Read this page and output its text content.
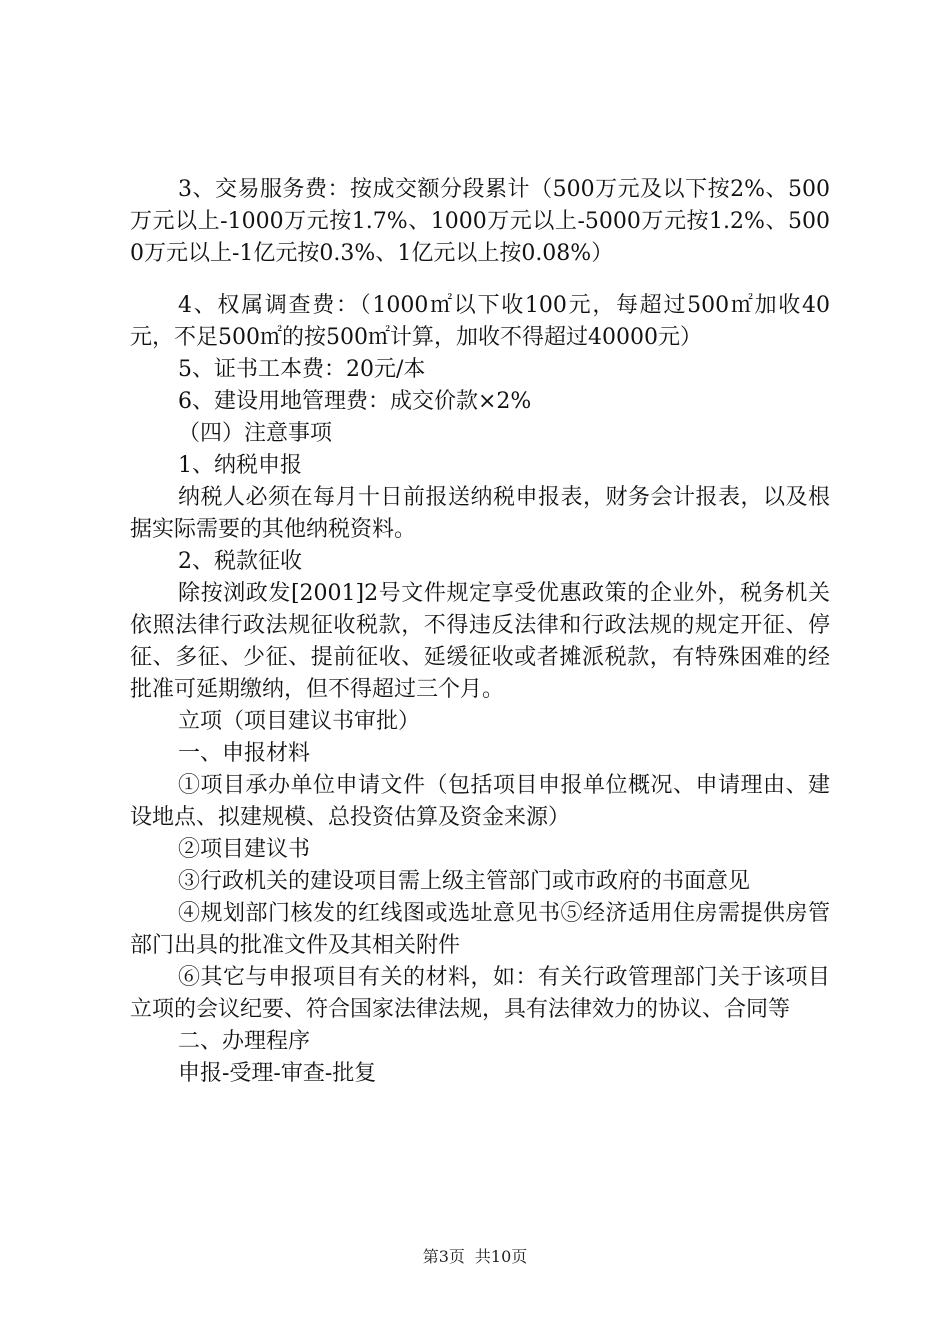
3、交易服务费：按成交额分段累计（500万元及以下按2%、500万元以上-1000万元按1.7%、1000万元以上-5000万元按1.2%、5000万元以上-1亿元按0.3%、1亿元以上按0.08%）

4、权属调查费：（1000㎡以下收100元，每超过500㎡加收40元，不足500㎡的按500㎡计算，加收不得超过40000元）

5、证书工本费：20元/本

6、建设用地管理费：成交价款×2%

（四）注意事项

1、纳税申报

纳税人必须在每月十日前报送纳税申报表，财务会计报表，以及根据实际需要的其他纳税资料。

2、税款征收

除按浏政发[2001]2号文件规定享受优惠政策的企业外，税务机关依照法律行政法规征收税款，不得违反法律和行政法规的规定开征、停征、多征、少征、提前征收、延缓征收或者摊派税款，有特殊困难的经批准可延期缴纳，但不得超过三个月。

立项（项目建议书审批）

一、申报材料

①项目承办单位申请文件（包括项目申报单位概况、申请理由、建设地点、拟建规模、总投资估算及资金来源）

②项目建议书

③行政机关的建设项目需上级主管部门或市政府的书面意见

④规划部门核发的红线图或选址意见书⑤经济适用住房需提供房管部门出具的批准文件及其相关附件

⑥其它与申报项目有关的材料，如：有关行政管理部门关于该项目立项的会议纪要、符合国家法律法规，具有法律效力的协议、合同等

二、办理程序

申报-受理-审查-批复

第3页 共10页
